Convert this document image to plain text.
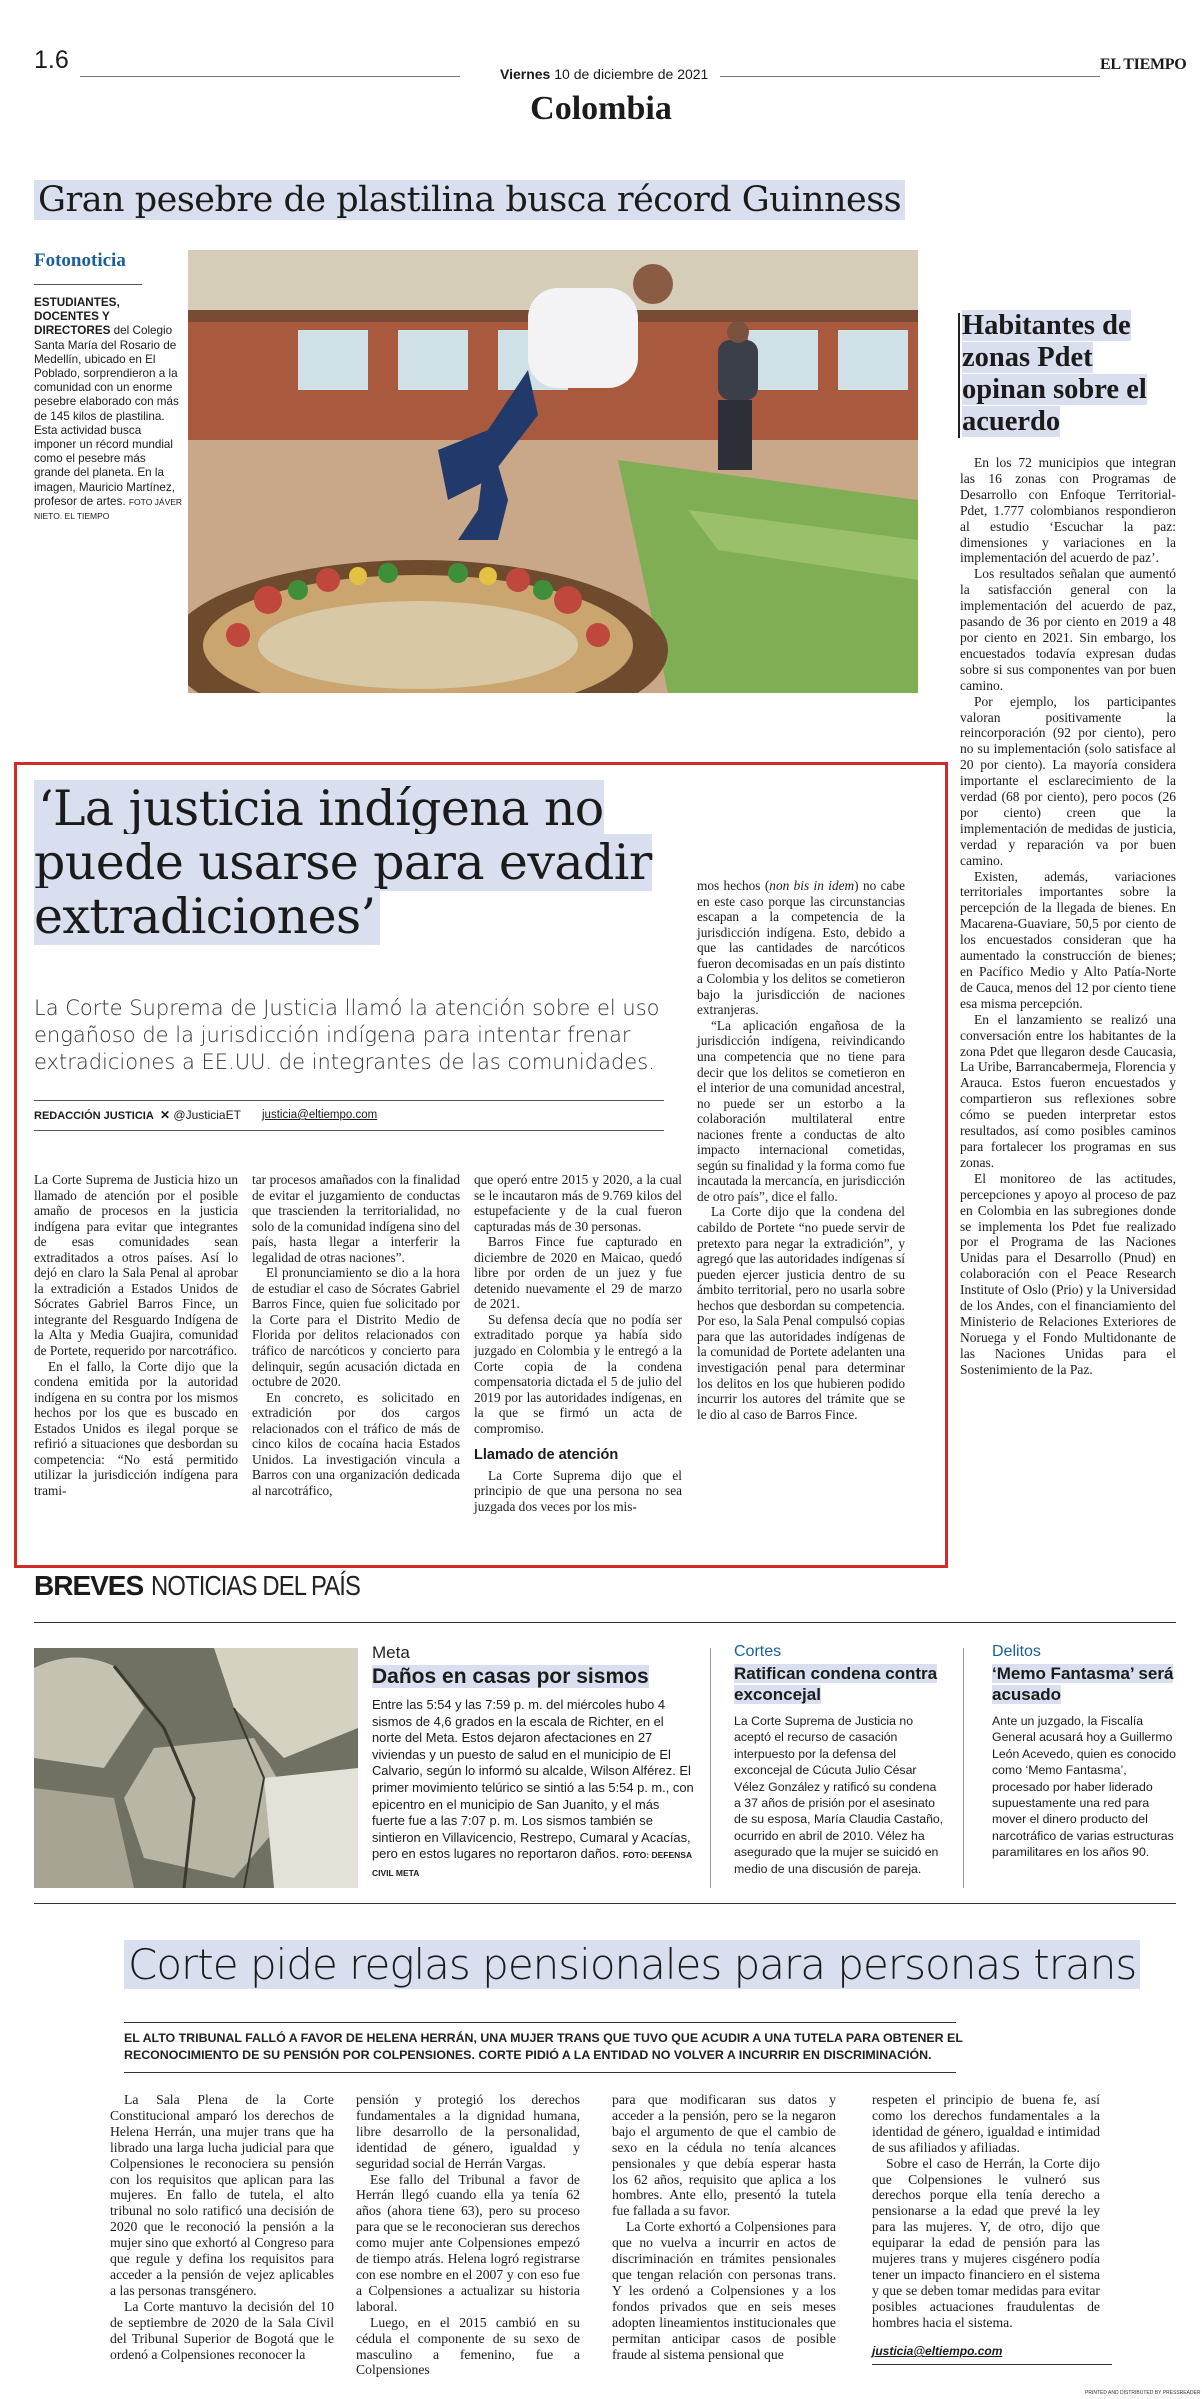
1.6	Viernes 10 de diciembre de 2021
EL TIEMPO
Colombia
Gran pesebre de plastilina busca récord Guinness
Fotonoticia
ESTUDIANTES, DOCENTES Y DIRECTORES del Colegio Santa María del Rosario de Medellín, ubicado en El Poblado, sorprendieron a la comunidad con un enorme pesebre elaborado con más de 145 kilos de plastilina. Esta actividad busca imponer un récord mundial como el pesebre más grande del planeta. En la imagen, Mauricio Martínez, profesor de artes. FOTO JÁVER NIETO. EL TIEMPO
Habitantes de zonas Pdet opinan sobre el acuerdo

En los 72 municipios que integran las 16 zonas con Programas de Desarrollo con Enfoque Territorial-Pdet, 1.777 colombianos respondieron al estudio ‘Escuchar la paz: dimensiones y variaciones en la implementación del acuerdo de paz’.

Los resultados señalan que aumentó la satisfacción general con la implementación del acuerdo de paz, pasando de 36 por ciento en 2019 a 48 por ciento en 2021. Sin embargo, los encuestados todavía expresan dudas sobre si sus componentes van por buen camino.

Por ejemplo, los participantes valoran positivamente la reincorporación (92 por ciento), pero no su implementación (solo satisface al 20 por ciento). La mayoría considera importante el esclarecimiento de la verdad (68 por ciento), pero pocos (26 por ciento) creen que la implementación de medidas de justicia, verdad y reparación va por buen camino.

Existen, además, variaciones territoriales importantes sobre la percepción de la llegada de bienes. En Macarena-Guaviare, 50,5 por ciento de los encuestados consideran que ha aumentado la construcción de bienes; en Pacífico Medio y Alto Patía-Norte de Cauca, menos del 12 por ciento tiene esa misma percepción.

En el lanzamiento se realizó una conversación entre los habitantes de la zona Pdet que llegaron desde Caucasia, La Uribe, Barrancabermeja, Florencia y Arauca. Estos fueron encuestados y compartieron sus reflexiones sobre cómo se pueden interpretar estos resultados, así como posibles caminos para fortalecer los programas en sus zonas.

El monitoreo de las actitudes, percepciones y apoyo al proceso de paz en Colombia en las subregiones donde se implementa los Pdet fue realizado por el Programa de las Naciones Unidas para el Desarrollo (Pnud) en colaboración con el Peace Research Institute of Oslo (Prio) y la Universidad de los Andes, con el financiamiento del Ministerio de Relaciones Exteriores de Noruega y el Fondo Multidonante de las Naciones Unidas para el Sostenimiento de la Paz.

‘La justicia indígena no puede usarse para evadir extradiciones’
La Corte Suprema de Justicia llamó la atención sobre el uso engañoso de la jurisdicción indígena para intentar frenar extradiciones a EE.UU. de integrantes de las comunidades.
REDACCIÓN JUSTICIA ✕ @JusticiaET justicia@eltiempo.com

La Corte Suprema de Justicia hizo un llamado de atención por el posible amaño de procesos en la justicia indígena para evitar que integrantes de esas comunidades sean extraditados a otros países. Así lo dejó en claro la Sala Penal al aprobar la extradición a Estados Unidos de Sócrates Gabriel Barros Fince, un integrante del Resguardo Indígena de la Alta y Media Guajira, comunidad de Portete, requerido por narcotráfico.

En el fallo, la Corte dijo que la condena emitida por la autoridad indígena en su contra por los mismos hechos por los que es buscado en Estados Unidos es ilegal porque se refirió a situaciones que desbordan su competencia: “No está permitido utilizar la jurisdicción indígena para trami-

tar procesos amañados con la finalidad de evitar el juzgamiento de conductas que trascienden la territorialidad, no solo de la comunidad indígena sino del país, hasta llegar a interferir la legalidad de otras naciones”.

El pronunciamiento se dio a la hora de estudiar el caso de Sócrates Gabriel Barros Fince, quien fue solicitado por la Corte para el Distrito Medio de Florida por delitos relacionados con tráfico de narcóticos y concierto para delinquir, según acusación dictada en octubre de 2020.

En concreto, es solicitado en extradición por dos cargos relacionados con el tráfico de más de cinco kilos de cocaína hacia Estados Unidos. La investigación vincula a Barros con una organización dedicada al narcotráfico,

que operó entre 2015 y 2020, a la cual se le incautaron más de 9.769 kilos del estupefaciente y de la cual fueron capturadas más de 30 personas.

Barros Fince fue capturado en diciembre de 2020 en Maicao, quedó libre por orden de un juez y fue detenido nuevamente el 29 de marzo de 2021.

Su defensa decía que no podía ser extraditado porque ya había sido juzgado en Colombia y le entregó a la Corte copia de la condena compensatoria dictada el 5 de julio del 2019 por las autoridades indígenas, en la que se firmó un acta de compromiso.

Llamado de atención

La Corte Suprema dijo que el principio de que una persona no sea juzgada dos veces por los mis-

mos hechos (non bis in idem) no cabe en este caso porque las circunstancias escapan a la competencia de la jurisdicción indígena. Esto, debido a que las cantidades de narcóticos fueron decomisadas en un país distinto a Colombia y los delitos se cometieron bajo la jurisdicción de naciones extranjeras.

“La aplicación engañosa de la jurisdicción indígena, reivindicando una competencia que no tiene para decir que los delitos se cometieron en el interior de una comunidad ancestral, no puede ser un estorbo a la colaboración multilateral entre naciones frente a conductas de alto impacto internacional cometidas, según su finalidad y la forma como fue incautada la mercancía, en jurisdicción de otro país”, dice el fallo.

La Corte dijo que la condena del cabildo de Portete “no puede servir de pretexto para negar la extradición”, y agregó que las autoridades indígenas sí pueden ejercer justicia dentro de su ámbito territorial, pero no usarla sobre hechos que desbordan su competencia. Por eso, la Sala Penal compulsó copias para que las autoridades indígenas de la comunidad de Portete adelanten una investigación penal para determinar los delitos en los que hubieren podido incurrir los autores del trámite que se le dio al caso de Barros Fince.

BREVES NOTICIAS DEL PAÍS
Meta
Daños en casas por sismos
Entre las 5:54 y las 7:59 p. m. del miércoles hubo 4 sismos de 4,6 grados en la escala de Richter, en el norte del Meta. Estos dejaron afectaciones en 27 viviendas y un puesto de salud en el municipio de El Calvario, según lo informó su alcalde, Wilson Alférez. El primer movimiento telúrico se sintió a las 5:54 p. m., con epicentro en el municipio de San Juanito, y el más fuerte fue a las 7:07 p. m. Los sismos también se sintieron en Villavicencio, Restrepo, Cumaral y Acacías, pero en estos lugares no reportaron daños. FOTO: DEFENSA CIVIL META
Cortes
Ratifican condena contra exconcejal
La Corte Suprema de Justicia no aceptó el recurso de casación interpuesto por la defensa del exconcejal de Cúcuta Julio César Vélez González y ratificó su condena a 37 años de prisión por el asesinato de su esposa, María Claudia Castaño, ocurrido en abril de 2010. Vélez ha asegurado que la mujer se suicidó en medio de una discusión de pareja.
Delitos
‘Memo Fantasma’ será acusado
Ante un juzgado, la Fiscalía General acusará hoy a Guillermo León Acevedo, quien es conocido como ‘Memo Fantasma’, procesado por haber liderado supuestamente una red para mover el dinero producto del narcotráfico de varias estructuras paramilitares en los años 90.
Corte pide reglas pensionales para personas trans
EL ALTO TRIBUNAL FALLÓ A FAVOR DE HELENA HERRÁN, UNA MUJER TRANS QUE TUVO QUE ACUDIR A UNA TUTELA PARA OBTENER EL RECONOCIMIENTO DE SU PENSIÓN POR COLPENSIONES. CORTE PIDIÓ A LA ENTIDAD NO VOLVER A INCURRIR EN DISCRIMINACIÓN.

La Sala Plena de la Corte Constitucional amparó los derechos de Helena Herrán, una mujer trans que ha librado una larga lucha judicial para que Colpensiones le reconociera su pensión con los requisitos que aplican para las mujeres. En fallo de tutela, el alto tribunal no solo ratificó una decisión de 2020 que le reconoció la pensión a la mujer sino que exhortó al Congreso para que regule y defina los requisitos para acceder a la pensión de vejez aplicables a las personas transgénero.

La Corte mantuvo la decisión del 10 de septiembre de 2020 de la Sala Civil del Tribunal Superior de Bogotá que le ordenó a Colpensiones reconocer la

pensión y protegió los derechos fundamentales a la dignidad humana, libre desarrollo de la personalidad, identidad de género, igualdad y seguridad social de Herrán Vargas.

Ese fallo del Tribunal a favor de Herrán llegó cuando ella ya tenía 62 años (ahora tiene 63), pero su proceso para que se le reconocieran sus derechos como mujer ante Colpensiones empezó de tiempo atrás. Helena logró registrarse con ese nombre en el 2007 y con eso fue a Colpensiones a actualizar su historia laboral.

Luego, en el 2015 cambió en su cédula el componente de su sexo de masculino a femenino, fue a Colpensiones

para que modificaran sus datos y acceder a la pensión, pero se la negaron bajo el argumento de que el cambio de sexo en la cédula no tenía alcances pensionales y que debía esperar hasta los 62 años, requisito que aplica a los hombres. Ante ello, presentó la tutela fue fallada a su favor.

La Corte exhortó a Colpensiones para que no vuelva a incurrir en actos de discriminación en trámites pensionales que tengan relación con personas trans. Y les ordenó a Colpensiones y a los fondos privados que en seis meses adopten lineamientos institucionales que permitan anticipar casos de posible fraude al sistema pensional que

respeten el principio de buena fe, así como los derechos fundamentales a la identidad de género, igualdad e intimidad de sus afiliados y afiliadas.

Sobre el caso de Herrán, la Corte dijo que Colpensiones le vulneró sus derechos porque ella tenía derecho a pensionarse a la edad que prevé la ley para las mujeres. Y, de otro, dijo que equiparar la edad de pensión para las mujeres trans y mujeres cisgénero podía tener un impacto financiero en el sistema y que se deben tomar medidas para evitar posibles actuaciones fraudulentas de hombres hacia el sistema.

justicia@eltiempo.com
PRINTED AND DISTRIBUTED BY PRESSREADER
